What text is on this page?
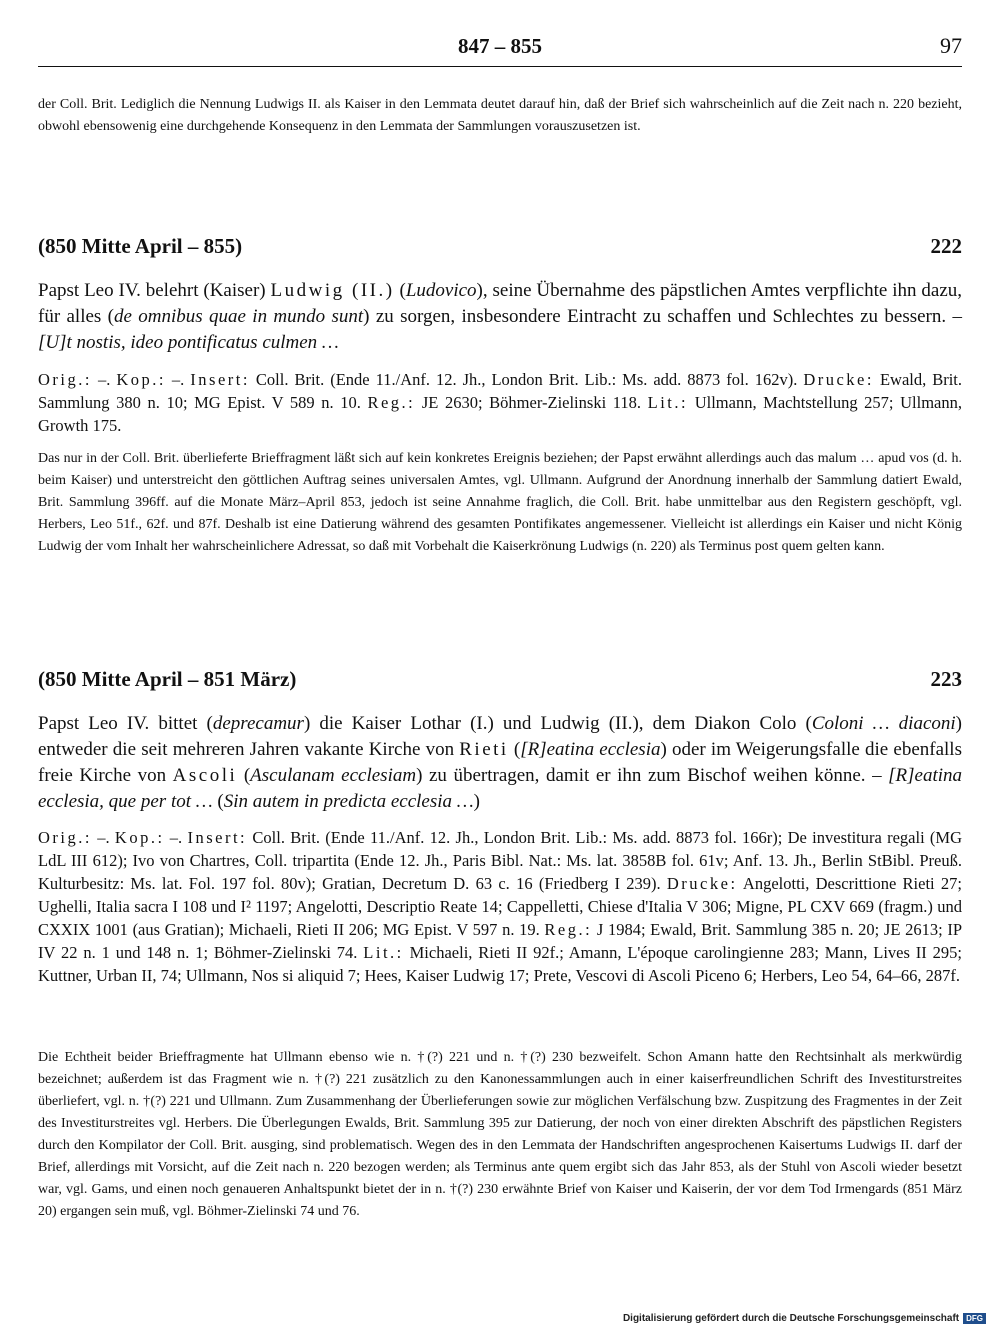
847 – 855	97
der Coll. Brit. Lediglich die Nennung Ludwigs II. als Kaiser in den Lemmata deutet darauf hin, daß der Brief sich wahrscheinlich auf die Zeit nach n. 220 bezieht, obwohl ebensowenig eine durchgehende Konsequenz in den Lemmata der Sammlungen vorauszusetzen ist.
(850 Mitte April – 855)	222
Papst Leo IV. belehrt (Kaiser) Ludwig (II.) (Ludovico), seine Übernahme des päpstlichen Amtes verpflichte ihn dazu, für alles (de omnibus quae in mundo sunt) zu sorgen, insbesondere Eintracht zu schaffen und Schlechtes zu bessern. – [U]t nostis, ideo pontificatus culmen …
Orig.: –. Kop.: –. Insert: Coll. Brit. (Ende 11./Anf. 12. Jh., London Brit. Lib.: Ms. add. 8873 fol. 162v). Drucke: Ewald, Brit. Sammlung 380 n. 10; MG Epist. V 589 n. 10. Reg.: JE 2630; Böhmer-Zielinski 118. Lit.: Ullmann, Machtstellung 257; Ullmann, Growth 175.
Das nur in der Coll. Brit. überlieferte Brieffragment läßt sich auf kein konkretes Ereignis beziehen; der Papst erwähnt allerdings auch das malum … apud vos (d. h. beim Kaiser) und unterstreicht den göttlichen Auftrag seines universalen Amtes, vgl. Ullmann. Aufgrund der Anordnung innerhalb der Sammlung datiert Ewald, Brit. Sammlung 396ff. auf die Monate März–April 853, jedoch ist seine Annahme fraglich, die Coll. Brit. habe unmittelbar aus den Registern geschöpft, vgl. Herbers, Leo 51f., 62f. und 87f. Deshalb ist eine Datierung während des gesamten Pontifikates angemessener. Vielleicht ist allerdings ein Kaiser und nicht König Ludwig der vom Inhalt her wahrscheinlichere Adressat, so daß mit Vorbehalt die Kaiserkrönung Ludwigs (n. 220) als Terminus post quem gelten kann.
(850 Mitte April – 851 März)	223
Papst Leo IV. bittet (deprecamur) die Kaiser Lothar (I.) und Ludwig (II.), dem Diakon Colo (Coloni … diaconi) entweder die seit mehreren Jahren vakante Kirche von Rieti ([R]eatina ecclesia) oder im Weigerungsfalle die ebenfalls freie Kirche von Ascoli (Asculanam ecclesiam) zu übertragen, damit er ihn zum Bischof weihen könne. – [R]eatina ecclesia, que per tot … (Sin autem in predicta ecclesia …)
Orig.: –. Kop.: –. Insert: Coll. Brit. (Ende 11./Anf. 12. Jh., London Brit. Lib.: Ms. add. 8873 fol. 166r); De investitura regali (MG LdL III 612); Ivo von Chartres, Coll. tripartita (Ende 12. Jh., Paris Bibl. Nat.: Ms. lat. 3858B fol. 61v; Anf. 13. Jh., Berlin StBibl. Preuß. Kulturbesitz: Ms. lat. Fol. 197 fol. 80v); Gratian, Decretum D. 63 c. 16 (Friedberg I 239). Drucke: Angelotti, Descrittione Rieti 27; Ughelli, Italia sacra I 108 und I² 1197; Angelotti, Descriptio Reate 14; Cappelletti, Chiese d'Italia V 306; Migne, PL CXV 669 (fragm.) und CXXIX 1001 (aus Gratian); Michaeli, Rieti II 206; MG Epist. V 597 n. 19. Reg.: J 1984; Ewald, Brit. Sammlung 385 n. 20; JE 2613; IP IV 22 n. 1 und 148 n. 1; Böhmer-Zielinski 74. Lit.: Michaeli, Rieti II 92f.; Amann, L'époque carolingienne 283; Mann, Lives II 295; Kuttner, Urban II, 74; Ullmann, Nos si aliquid 7; Hees, Kaiser Ludwig 17; Prete, Vescovi di Ascoli Piceno 6; Herbers, Leo 54, 64–66, 287f.
Die Echtheit beider Brieffragmente hat Ullmann ebenso wie n. †(?) 221 und n. †(?) 230 bezweifelt. Schon Amann hatte den Rechtsinhalt als merkwürdig bezeichnet; außerdem ist das Fragment wie n. †(?) 221 zusätzlich zu den Kanonessammlungen auch in einer kaiserfreundlichen Schrift des Investiturstreites überliefert, vgl. n. †(?) 221 und Ullmann. Zum Zusammenhang der Überlieferungen sowie zur möglichen Verfälschung bzw. Zuspitzung des Fragmentes in der Zeit des Investiturstreites vgl. Herbers. Die Überlegungen Ewalds, Brit. Sammlung 395 zur Datierung, der noch von einer direkten Abschrift des päpstlichen Registers durch den Kompilator der Coll. Brit. ausging, sind problematisch. Wegen des in den Lemmata der Handschriften angesprochenen Kaisertums Ludwigs II. darf der Brief, allerdings mit Vorsicht, auf die Zeit nach n. 220 bezogen werden; als Terminus ante quem ergibt sich das Jahr 853, als der Stuhl von Ascoli wieder besetzt war, vgl. Gams, und einen noch genaueren Anhaltspunkt bietet der in n. †(?) 230 erwähnte Brief von Kaiser und Kaiserin, der vor dem Tod Irmengards (851 März 20) ergangen sein muß, vgl. Böhmer-Zielinski 74 und 76.
Digitalisierung gefördert durch die Deutsche Forschungsgemeinschaft DFG
